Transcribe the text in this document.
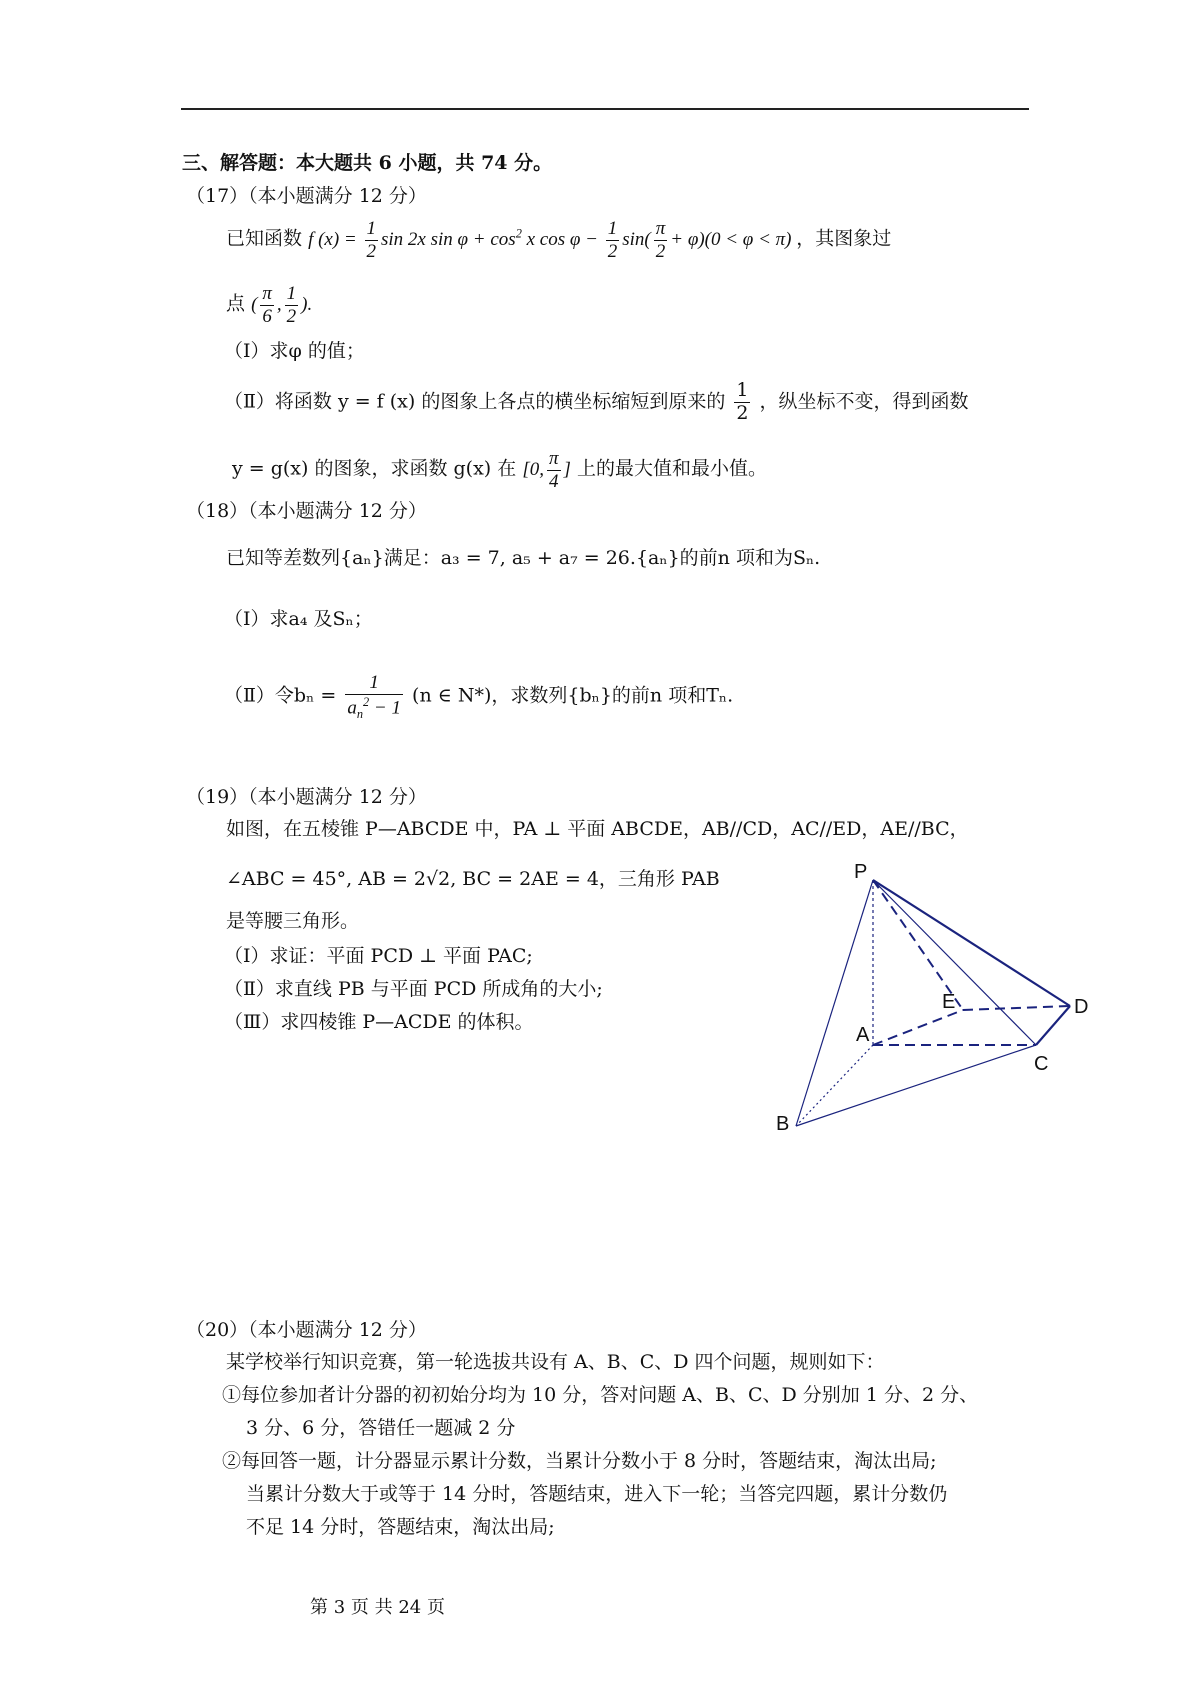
三、解答题：本大题共 6 小题，共 74 分。
（17）（本小题满分 12 分）
已知函数 f $(x) = \frac{1}{2}$ sin 2x $\sin \varphi + \cos^2 x$ $\cos \varphi - \frac{1}{2} \sin( \frac{\pi}{2} + \varphi)(0 < \varphi < \pi)$ ，其图象过
点 ( $\frac{\pi}{6}$ , $\frac{1}{2}$ ).
（Ⅰ）求φ 的值；
（Ⅱ）将函数 y = f (x) 的图象上各点的横坐标缩短到原来的 $\frac{1}{2}$ ，纵坐标不变，得到函数
y = g(x) 的图象，求函数 g(x) 在 [0, $\frac{\pi}{4}$ ] 上的最大值和最小值。
（18）（本小题满分 12 分）
已知等差数列{aₙ}满足：a₃ = 7, a₅ + a₇ = 26.{aₙ}的前n 项和为Sₙ.
（Ⅰ）求a₄ 及Sₙ；
（Ⅱ）令$b_n = \frac{1}{a_n^2 - 1} (n$ ∈ N*)，求数列{bₙ}的前n 项和Tₙ.
（19）（本小题满分 12 分）
如图，在五棱锥 P—ABCDE 中，PA ⊥ 平面 ABCDE，AB//CD，AC//ED，AE//BC，
∠ABC = 45°, AB = 2√2, BC = 2AE = 4，三角形 PAB
是等腰三角形。
（Ⅰ）求证：平面 PCD ⊥ 平面 PAC;
（Ⅱ）求直线 PB 与平面 PCD 所成角的大小;
（Ⅲ）求四棱锥 P—ACDE 的体积。
P
E	D
A
C
B
（20）（本小题满分 12 分）
某学校举行知识竞赛，第一轮选拔共设有 A、B、C、D 四个问题，规则如下：
①每位参加者计分器的初初始分均为 10 分，答对问题 A、B、C、D 分别加 1 分、2 分、
3 分、6 分，答错任一题减 2 分
②每回答一题，计分器显示累计分数，当累计分数小于 8 分时，答题结束，淘汰出局;
当累计分数大于或等于 14 分时，答题结束，进入下一轮；当答完四题，累计分数仍
不足 14 分时，答题结束，淘汰出局;
第 3 页 共 24 页
